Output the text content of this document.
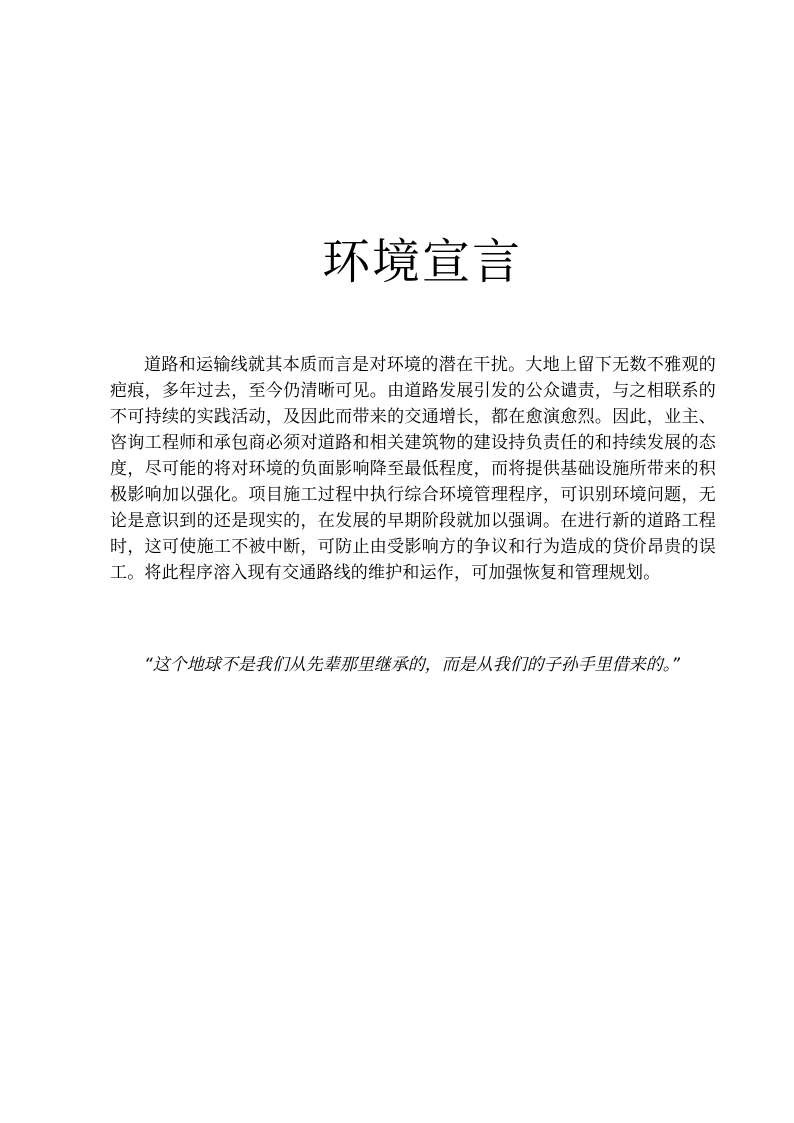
环境宣言

道路和运输线就其本质而言是对环境的潜在干扰。大地上留下无数不雅观的疤痕，多年过去，至今仍清晰可见。由道路发展引发的公众谴责，与之相联系的不可持续的实践活动，及因此而带来的交通增长，都在愈演愈烈。因此，业主、咨询工程师和承包商必须对道路和相关建筑物的建设持负责任的和持续发展的态度，尽可能的将对环境的负面影响降至最低程度，而将提供基础设施所带来的积极影响加以强化。项目施工过程中执行综合环境管理程序，可识别环境问题，无论是意识到的还是现实的，在发展的早期阶段就加以强调。在进行新的道路工程时，这可使施工不被中断，可防止由受影响方的争议和行为造成的贷价昂贵的误工。将此程序溶入现有交通路线的维护和运作，可加强恢复和管理规划。

“这个地球不是我们从先辈那里继承的，而是从我们的子孙手里借来的。”
